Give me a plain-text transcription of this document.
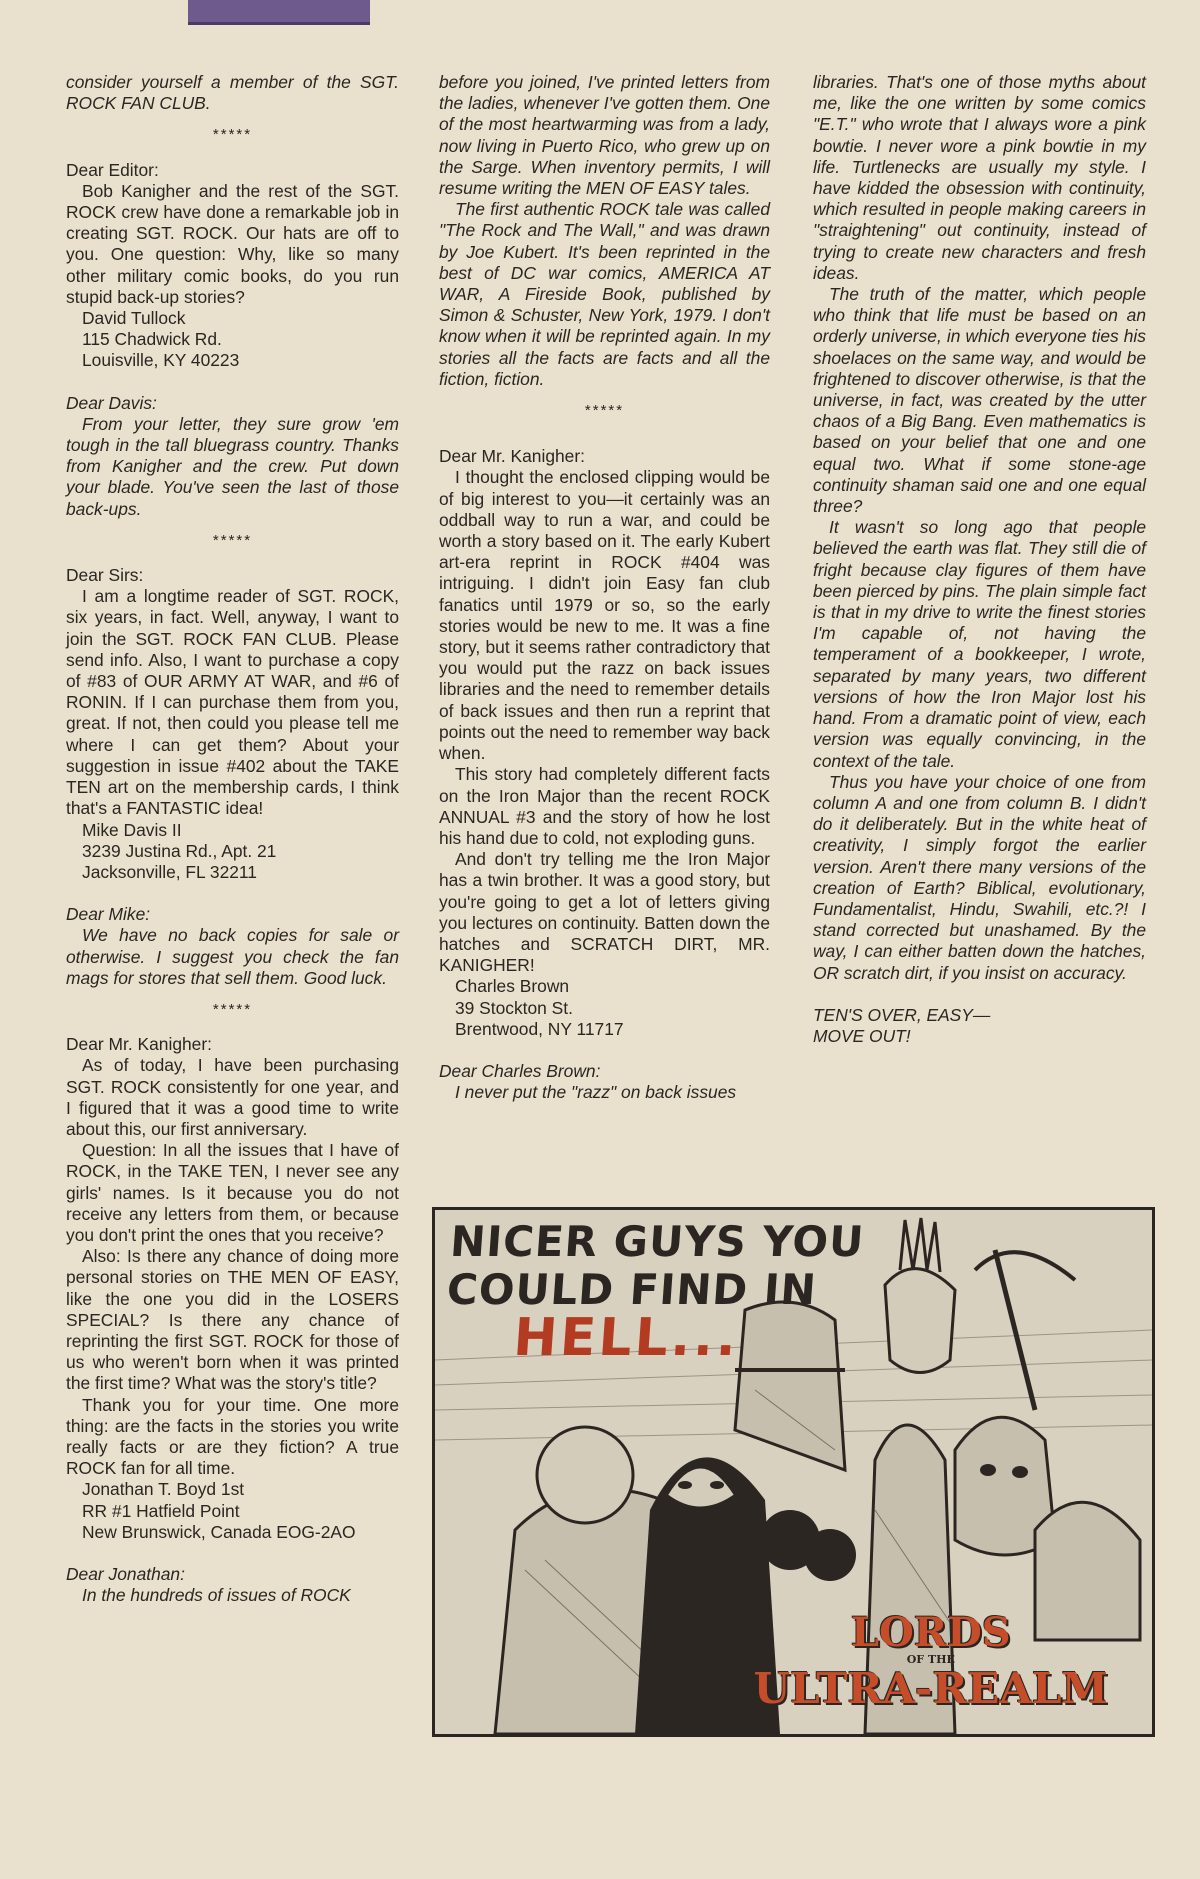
consider yourself a member of the SGT. ROCK FAN CLUB.

*****

Dear Editor:

Bob Kanigher and the rest of the SGT. ROCK crew have done a remarkable job in creating SGT. ROCK. Our hats are off to you. One question: Why, like so many other military comic books, do you run stupid back-up stories?

David Tullock

115 Chadwick Rd.

Louisville, KY 40223

Dear Davis:

From your letter, they sure grow 'em tough in the tall bluegrass country. Thanks from Kanigher and the crew. Put down your blade. You've seen the last of those back-ups.

*****

Dear Sirs:

I am a longtime reader of SGT. ROCK, six years, in fact. Well, anyway, I want to join the SGT. ROCK FAN CLUB. Please send info. Also, I want to purchase a copy of #83 of OUR ARMY AT WAR, and #6 of RONIN. If I can purchase them from you, great. If not, then could you please tell me where I can get them? About your suggestion in issue #402 about the TAKE TEN art on the membership cards, I think that's a FANTASTIC idea!

Mike Davis II

3239 Justina Rd., Apt. 21

Jacksonville, FL 32211

Dear Mike:

We have no back copies for sale or otherwise. I suggest you check the fan mags for stores that sell them. Good luck.

*****

Dear Mr. Kanigher:

As of today, I have been purchasing SGT. ROCK consistently for one year, and I figured that it was a good time to write about this, our first anniversary.

Question: In all the issues that I have of ROCK, in the TAKE TEN, I never see any girls' names. Is it because you do not receive any letters from them, or because you don't print the ones that you receive?

Also: Is there any chance of doing more personal stories on THE MEN OF EASY, like the one you did in the LOSERS SPECIAL? Is there any chance of reprinting the first SGT. ROCK for those of us who weren't born when it was printed the first time? What was the story's title?

Thank you for your time. One more thing: are the facts in the stories you write really facts or are they fiction? A true ROCK fan for all time.

Jonathan T. Boyd 1st

RR #1 Hatfield Point

New Brunswick, Canada EOG-2AO

Dear Jonathan:

In the hundreds of issues of ROCK

before you joined, I've printed letters from the ladies, whenever I've gotten them. One of the most heartwarming was from a lady, now living in Puerto Rico, who grew up on the Sarge. When inventory permits, I will resume writing the MEN OF EASY tales.

The first authentic ROCK tale was called "The Rock and The Wall," and was drawn by Joe Kubert. It's been reprinted in the best of DC war comics, AMERICA AT WAR, A Fireside Book, published by Simon & Schuster, New York, 1979. I don't know when it will be reprinted again. In my stories all the facts are facts and all the fiction, fiction.

*****

Dear Mr. Kanigher:

I thought the enclosed clipping would be of big interest to you—it certainly was an oddball way to run a war, and could be worth a story based on it. The early Kubert art-era reprint in ROCK #404 was intriguing. I didn't join Easy fan club fanatics until 1979 or so, so the early stories would be new to me. It was a fine story, but it seems rather contradictory that you would put the razz on back issues libraries and the need to remember details of back issues and then run a reprint that points out the need to remember way back when.

This story had completely different facts on the Iron Major than the recent ROCK ANNUAL #3 and the story of how he lost his hand due to cold, not exploding guns.

And don't try telling me the Iron Major has a twin brother. It was a good story, but you're going to get a lot of letters giving you lectures on continuity. Batten down the hatches and SCRATCH DIRT, MR. KANIGHER!

Charles Brown

39 Stockton St.

Brentwood, NY 11717

Dear Charles Brown:

I never put the "razz" on back issues

libraries. That's one of those myths about me, like the one written by some comics "E.T." who wrote that I always wore a pink bowtie. I never wore a pink bowtie in my life. Turtlenecks are usually my style. I have kidded the obsession with continuity, which resulted in people making careers in "straightening" out continuity, instead of trying to create new characters and fresh ideas.

The truth of the matter, which people who think that life must be based on an orderly universe, in which everyone ties his shoelaces on the same way, and would be frightened to discover otherwise, is that the universe, in fact, was created by the utter chaos of a Big Bang. Even mathematics is based on your belief that one and one equal two. What if some stone-age continuity shaman said one and one equal three?

It wasn't so long ago that people believed the earth was flat. They still die of fright because clay figures of them have been pierced by pins. The plain simple fact is that in my drive to write the finest stories I'm capable of, not having the temperament of a bookkeeper, I wrote, separated by many years, two different versions of how the Iron Major lost his hand. From a dramatic point of view, each version was equally convincing, in the context of the tale.

Thus you have your choice of one from column A and one from column B. I didn't do it deliberately. But in the white heat of creativity, I simply forgot the earlier version. Aren't there many versions of the creation of Earth? Biblical, evolutionary, Fundamentalist, Hindu, Swahili, etc.?! I stand corrected but unashamed. By the way, I can either batten down the hatches, OR scratch dirt, if you insist on accuracy.

TEN'S OVER, EASY—

MOVE OUT!

NICER GUYS YOU
COULD FIND IN
HELL...
LORDS
OF THE
ULTRA-REALM
